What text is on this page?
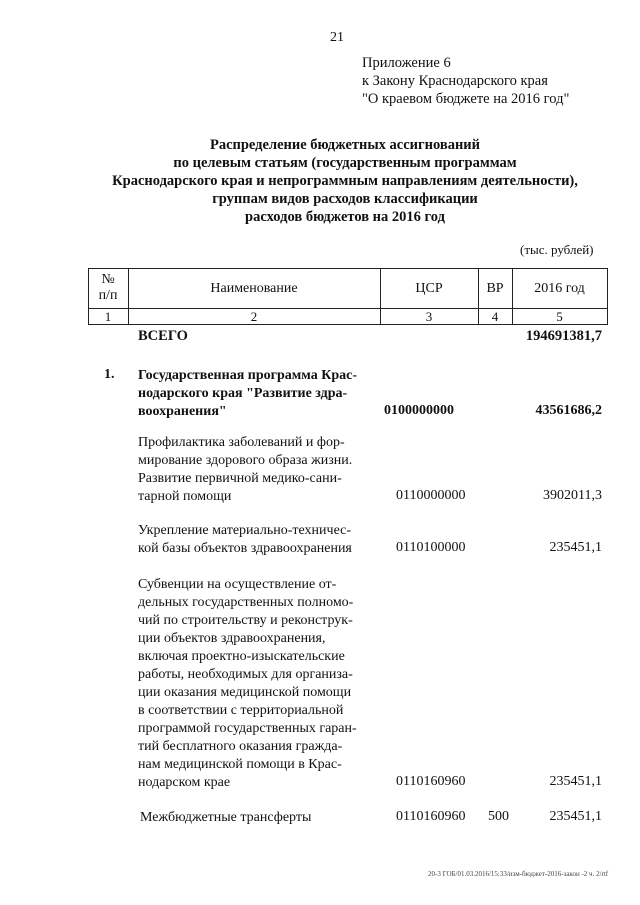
21
Приложение 6
к Закону Краснодарского края
"О краевом бюджете на 2016 год"
Распределение бюджетных ассигнований
по целевым статьям (государственным программам
Краснодарского края и непрограммным направлениям деятельности),
группам видов расходов классификации
расходов бюджетов на 2016 год
(тыс. рублей)
№
п/п	Наименование	ЦСР	ВР	2016 год
1	2	3	4	5
ВСЕГО	194691381,7
1. Государственная программа Крас-
нодарского края "Развитие здра-
воохранения"	0100000000	43561686,2
Профилактика заболеваний и фор-
мирование здорового образа жизни.
Развитие первичной медико-сани-
тарной помощи	0110000000	3902011,3
Укрепление материально-техничес-
кой базы объектов здравоохранения	0110100000	235451,1
Субвенции на осуществление от-
дельных государственных полномо-
чий по строительству и реконструк-
ции объектов здравоохранения,
включая проектно-изыскательские
работы, необходимых для организа-
ции оказания медицинской помощи
в соответствии с территориальной
программой государственных гаран-
тий бесплатного оказания гражда-
нам медицинской помощи в Крас-
нодарском крае	0110160960	235451,1
Межбюджетные трансферты	0110160960 500	235451,1
20-3 ГОБ/01.03.2016/15:33/изм-бюджет-2016-закон -2 ч. 2/rtf
